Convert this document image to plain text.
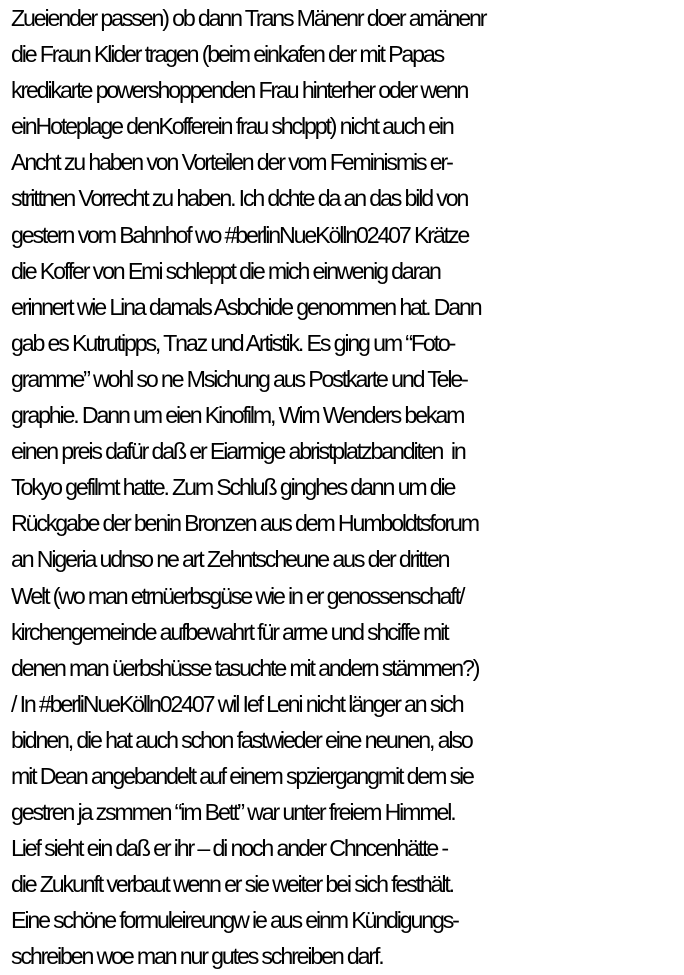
Zueiender passen) ob dann Trans Mänenr doer amänenr
die Fraun Klider tragen (beim einkafen der mit Papas
kredikarte powershoppenden Frau hinterher oder wenn
einHoteplage denKofferein frau shclppt) nicht auch ein
Ancht zu haben von Vorteilen der vom Feminismis er-
strittnen Vorrecht zu haben. Ich dchte da an das bild von
gestern vom Bahnhof wo #berlinNueKölln02407 Krätze
die Koffer von Emi schleppt die mich einwenig daran
erinnert wie Lina damals Asbchide genommen hat. Dann
gab es Kutrutipps, Tnaz und Artistik. Es ging um “Foto-
gramme” wohl so ne Msichung aus Postkarte und Tele-
graphie. Dann um eien Kinofilm, Wim Wenders bekam
einen preis dafür daß er Eiarmige abristplatzbanditen  in
Tokyo gefilmt hatte. Zum Schluß ginghes dann um die
Rückgabe der benin Bronzen aus dem Humboldtsforum
an Nigeria udnso ne art Zehntscheune aus der dritten
Welt (wo man etrnüerbsgüse wie in er genossenschaft/
kirchengemeinde aufbewahrt für arme und shciffe mit
denen man üerbshüsse tasuchte mit andern stämmen?)
/ In #berliNueKölln02407 wil Ief Leni nicht länger an sich
bidnen, die hat auch schon fastwieder eine neunen, also
mit Dean angebandelt auf einem spziergangmit dem sie
gestren ja zsmmen “im Bett” war unter freiem Himmel.
Lief sieht ein daß er ihr – di noch ander Chncenhätte -
die Zukunft verbaut wenn er sie weiter bei sich festhält.
Eine schöne formuleireungw ie aus einm Kündigungs-
schreiben woe man nur gutes schreiben darf.
